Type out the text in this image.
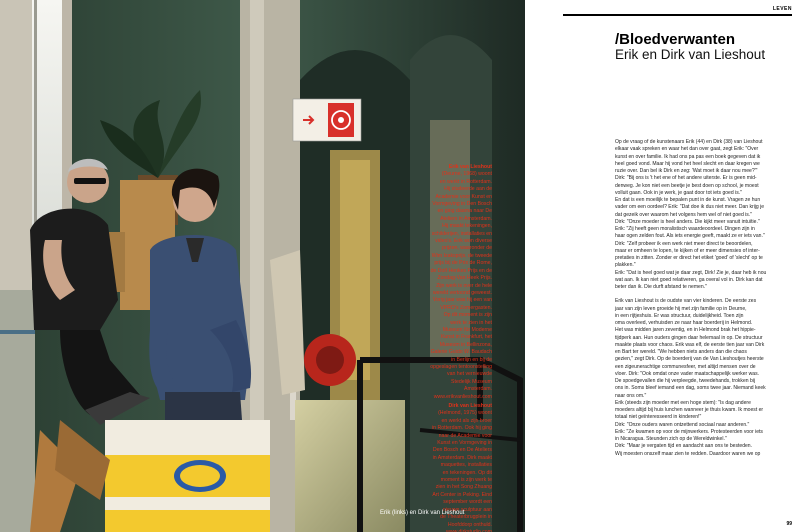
Erik van Lieshout
(Deurne, 1968) woont
en werkt in Rotterdam.
Hij studeerde aan de
Academie voor Kunst en
Vormgeving in Den Bosch
en ging daarna naar De
Ateliers in Amsterdam.
Hij maakt tekeningen,
schilderijen, installaties en
video's. Erik won diverse
prijzen, waaronder de
Wim Izaksprijs, de tweede
prijs bij de Prix de Rome,
de Dolf Henkes Prijs en de
Zondag-Van Heek Prijs.
Zijn werk is over de hele
wereld vertoond geweest.
Vorig jaar was hij een van
VPRO's Zomergasten.
Op dit moment is zijn
werk te zien in het
Museum für Moderne
Kunst in Frankfurt, het
Museum in Bellinzona,
Galerie Guido W. Baudach
in Berlijn en bij de
opgeslagen tentoonstelling
van het vernieuwde
Stedelijk Museum
Amsterdam.
www.erikvanlieshout.com

Dirk van Lieshout
(Helmond, 1975) woont
en werkt als zijn broer
in Rotterdam. Ook hij ging
naar de Academie voor
Kunst en Vormgeving in
Den Bosch en De Ateliers
in Amsterdam. Dirk maakt
maquettes, installaties
en tekeningen. Op dit
moment is zijn werk te
zien in het Song Zhuang
Art Center in Peking. Eind
september wordt een
nieuwe sculptuur aan
de Theaterbrugplein in
Hoofddorp onthuld.
www.dirkstudio.com

Erik (links) en Dirk van Lieshout
LEVEN
/Bloedverwanten
Erik en Dirk van Lieshout

Op de vraag of de kunstenaars Erik (44) en Dirk (38) van Lieshout
elkaar vaak spreken en waar het dan over gaat, zegt Erik: "Over
kunst en over familie. Ik had ons pa pas een boek gegeven dat ik
heel goed vond. Maar hij vond het heel slecht en daar kregen we
ruzie over. Dan bel ik Dirk en zeg: 'Wat moet ik daar nou mee?'"
Dirk: "Bij ons is 't het ene of het andere uiterste. Er is geen mid-
denweg. Je kon niet een beetje je best doen op school, je moest
volluit gaan. Ook in je werk, je gaat door tot iets goed is."
En dat is een moeilijk te bepalen punt in de kunst. Vragen ze hun
vader om een oordeel? Erik: "Dat doe ik dus niet meer. Dan krijg je
dat gezeik over waarom het volgens hem wel of niet goed is."
Dirk: "Onze moeder is heel anders. Die kijkt meer vanuit intuïtie."
Erik: "Zij heeft geen moralistisch waardeoordeel. Dingen zijn in
haar ogen zelden fout. Als iets energie geeft, maakt ze er iets van."
Dirk: "Zelf probeer ik een werk niet meer direct te beoordelen,
maar er omheen te lopen, te kijken of er meer dimensies of inter-
pretaties in zitten. Zonder er direct het etiket 'goed' of 'slecht' op te
plakken."
Erik: "Dat is heel goed wat je daar zegt, Dirk! Zie je, daar heb ik nou
wat aan. Ik kan niet goed relativeren, ga overal vol in. Dirk kan dat
beter dan ik. Die durft afstand te nemen."

Erik van Lieshout is de oudste van vier kinderen. De eerste zes
jaar van zijn leven groeide hij met zijn familie op in Deurne,
in een rijtjeshuis. Er was structuur, duidelijkheid. Toen zijn
oma overleed, verhuisden ze naar haar boerderij in Helmond.
Het was midden jaren zeventig, en in Helmond brak het hippie-
tijdperk aan. Hun ouders gingen daar helemaal in op. De structuur
maakte plaats voor chaos. Erik was elf, de eerste tien jaar van Dirk
en Bart ter wereld. "We hebben niets anders dan die chaos
gezien," zegt Dirk. Op de boerderij van de Van Lieshoutjes heerste
een zigeunerachtige communesfeer, met altijd mensen over de
vloer. Dirk: "Ook omdat onze vader maatschappelijk werker was.
De spoedgevallen die hij verpleegde, tweedehands, trokken bij
ons in. Soms bleef iemand een dag, soms twee jaar. Niemand keek
naar ons om."
Erik (steeds zijn moeder met een hoge stem): "Is dag andere
moeders altijd bij huis lunchen wanneer je thuis kwam. Ik moest er
totaal niet geïnteresseerd in kinderen!"
Dirk: "Onze ouders waren ontzettend sociaal naar anderen."
Erik: "Ze kwamen op voor de mijnwerkers. Protesteerden voor iets
in Nicaragua. Steunden zich op de Wereldwinkel."
Dirk: "Maar je vergaten tijd en aandacht aan ons te besteden.
Wij moesten onszelf maar zien te redden. Daardoor waren we op

99
